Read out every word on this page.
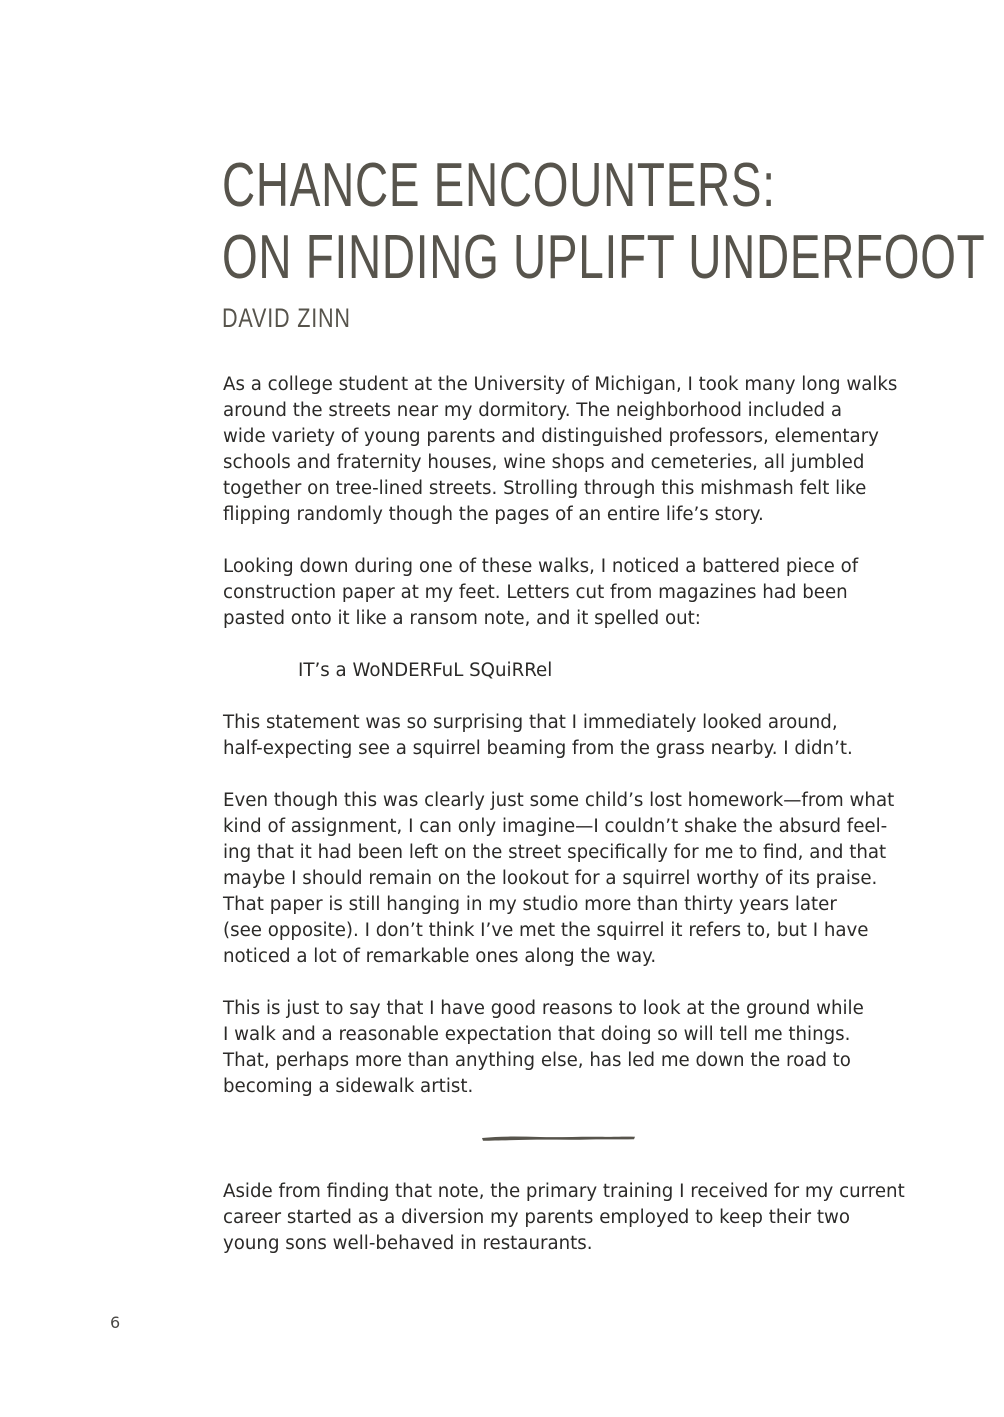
CHANCE ENCOUNTERS:
ON FINDING UPLIFT UNDERFOOT
DAVID ZINN

As a college student at the University of Michigan, I took many long walks
around the streets near my dormitory. The neighborhood included a
wide variety of young parents and distinguished professors, elementary
schools and fraternity houses, wine shops and cemeteries, all jumbled
together on tree-lined streets. Strolling through this mishmash felt like
flipping randomly though the pages of an entire life’s story.

Looking down during one of these walks, I noticed a battered piece of
construction paper at my feet. Letters cut from magazines had been
pasted onto it like a ransom note, and it spelled out:

IT’s a WoNDERFuL SQuiRRel

This statement was so surprising that I immediately looked around,
half-expecting see a squirrel beaming from the grass nearby. I didn’t.

Even though this was clearly just some child’s lost homework—from what
kind of assignment, I can only imagine—I couldn’t shake the absurd feel-
ing that it had been left on the street specifically for me to find, and that
maybe I should remain on the lookout for a squirrel worthy of its praise.
That paper is still hanging in my studio more than thirty years later
(see opposite). I don’t think I’ve met the squirrel it refers to, but I have
noticed a lot of remarkable ones along the way.

This is just to say that I have good reasons to look at the ground while
I walk and a reasonable expectation that doing so will tell me things.
That, perhaps more than anything else, has led me down the road to
becoming a sidewalk artist.

Aside from finding that note, the primary training I received for my current
career started as a diversion my parents employed to keep their two
young sons well-behaved in restaurants.
6
